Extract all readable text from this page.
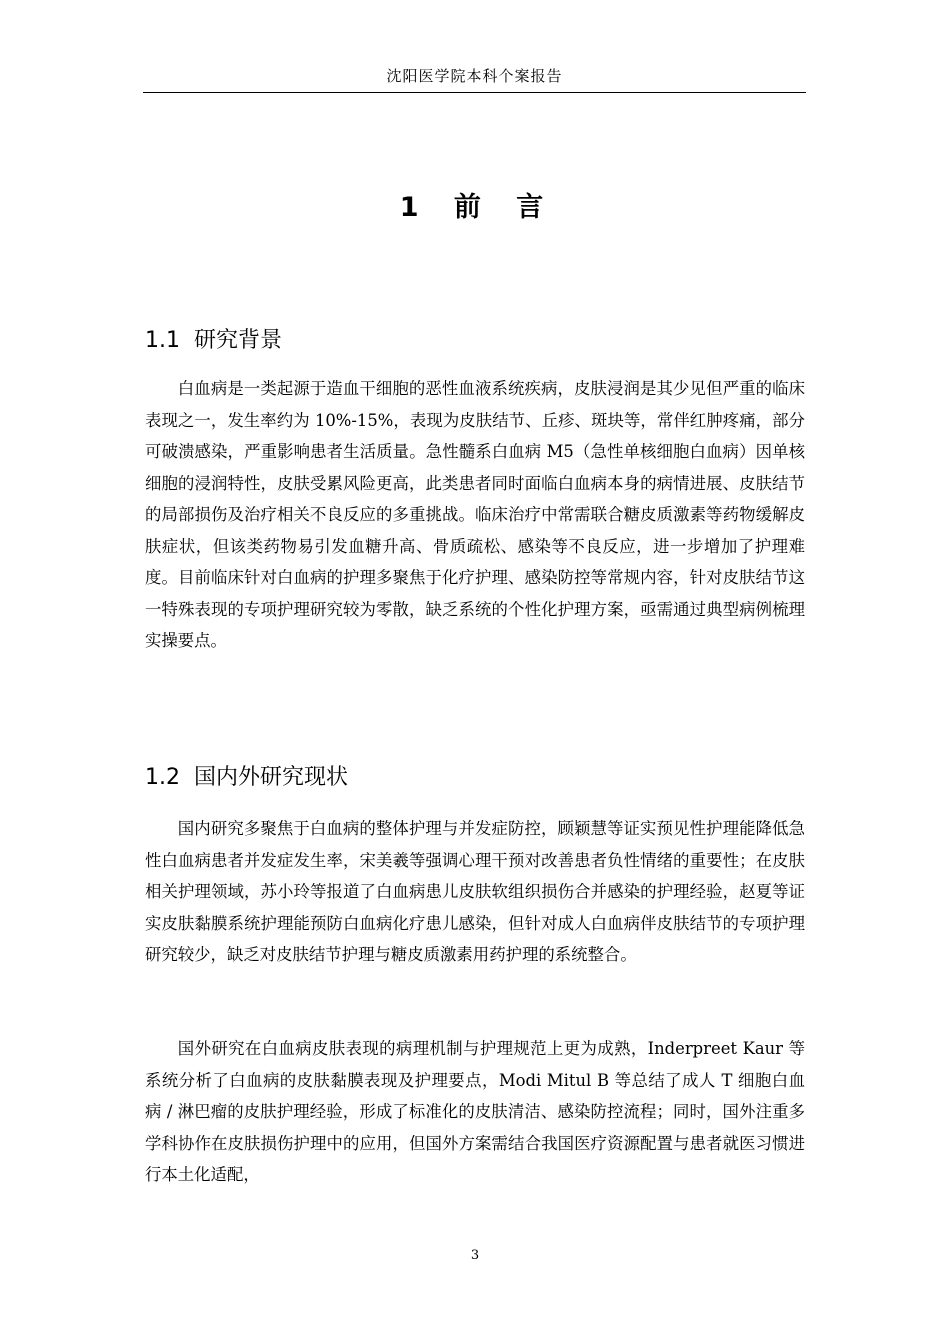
沈阳医学院本科个案报告
1 前 言
1.1 研究背景

白血病是一类起源于造血干细胞的恶性血液系统疾病，皮肤浸润是其少见但严重的临床表现之一，发生率约为 10%-15%，表现为皮肤结节、丘疹、斑块等，常伴红肿疼痛，部分可破溃感染，严重影响患者生活质量。急性髓系白血病 M5（急性单核细胞白血病）因单核细胞的浸润特性，皮肤受累风险更高，此类患者同时面临白血病本身的病情进展、皮肤结节的局部损伤及治疗相关不良反应的多重挑战。临床治疗中常需联合糖皮质激素等药物缓解皮肤症状，但该类药物易引发血糖升高、骨质疏松、感染等不良反应，进一步增加了护理难度。目前临床针对白血病的护理多聚焦于化疗护理、感染防控等常规内容，针对皮肤结节这一特殊表现的专项护理研究较为零散，缺乏系统的个性化护理方案，亟需通过典型病例梳理实操要点。

1.2 国内外研究现状

国内研究多聚焦于白血病的整体护理与并发症防控，顾颖慧等证实预见性护理能降低急性白血病患者并发症发生率，宋美羲等强调心理干预对改善患者负性情绪的重要性；在皮肤相关护理领域，苏小玲等报道了白血病患儿皮肤软组织损伤合并感染的护理经验，赵夏等证实皮肤黏膜系统护理能预防白血病化疗患儿感染，但针对成人白血病伴皮肤结节的专项护理研究较少，缺乏对皮肤结节护理与糖皮质激素用药护理的系统整合。

国外研究在白血病皮肤表现的病理机制与护理规范上更为成熟，Inderpreet Kaur 等系统分析了白血病的皮肤黏膜表现及护理要点，Modi Mitul B 等总结了成人 T 细胞白血病 / 淋巴瘤的皮肤护理经验，形成了标准化的皮肤清洁、感染防控流程；同时，国外注重多学科协作在皮肤损伤护理中的应用，但国外方案需结合我国医疗资源配置与患者就医习惯进行本土化适配，

3
